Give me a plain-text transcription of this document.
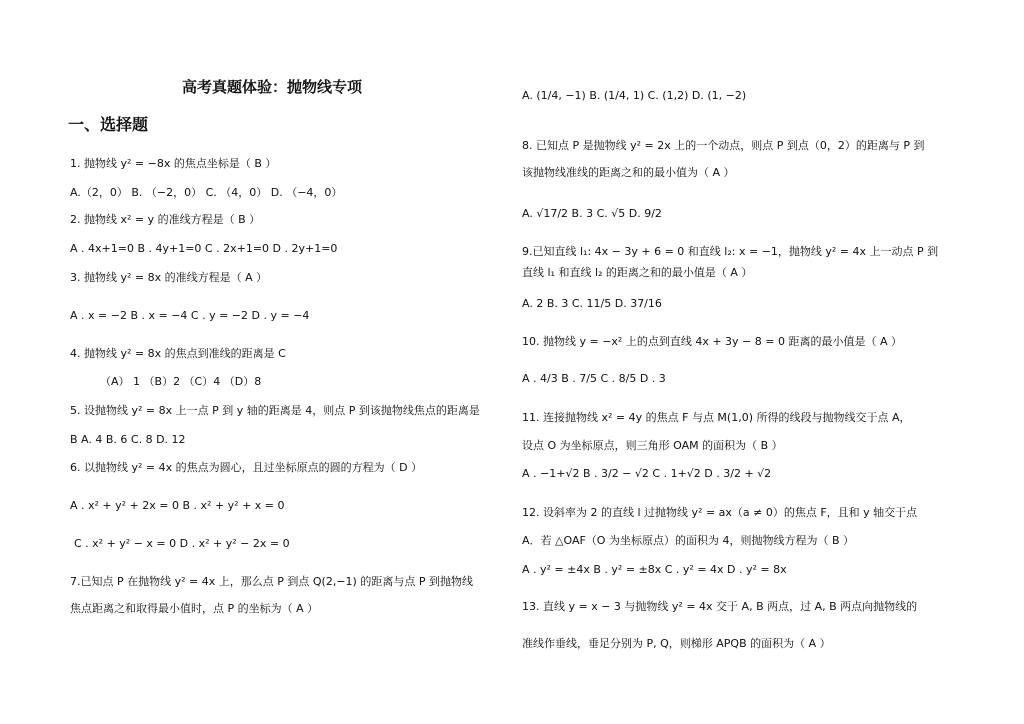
高考真题体验：抛物线专项
一、选择题
1. 抛物线 y² = −8x 的焦点坐标是（ B ）
A.（2，0） B. （−2，0） C. （4，0） D. （−4，0）
2. 抛物线 x² = y 的准线方程是（ B ）
A . 4x+1=0 B . 4y+1=0 C . 2x+1=0 D . 2y+1=0
3. 抛物线 y² = 8x 的准线方程是（ A ）
A . x = −2 B . x = −4 C . y = −2 D . y = −4
4. 抛物线 y² = 8x 的焦点到准线的距离是 C
（A） 1 （B）2 （C）4 （D）8
5. 设抛物线 y² = 8x 上一点 P 到 y 轴的距离是 4，则点 P 到该抛物线焦点的距离是
B A. 4 B. 6 C. 8 D. 12
6. 以抛物线 y² = 4x 的焦点为圆心，且过坐标原点的圆的方程为（ D ）
A . x² + y² + 2x = 0 B . x² + y² + x = 0
C . x² + y² − x = 0 D . x² + y² − 2x = 0
7.已知点 P 在抛物线 y² = 4x 上，那么点 P 到点 Q(2,−1) 的距离与点 P 到抛物线
焦点距离之和取得最小值时，点 P 的坐标为（ A ）
A. (1/4, −1) B. (1/4, 1) C. (1,2) D. (1, −2)
8. 已知点 P 是抛物线 y² = 2x 上的一个动点，则点 P 到点（0，2）的距离与 P 到
该抛物线准线的距离之和的最小值为（ A ）
A. √17/2 B. 3 C. √5 D. 9/2
9.已知直线 l₁: 4x − 3y + 6 = 0 和直线 l₂: x = −1，抛物线 y² = 4x 上一动点 P 到
直线 l₁ 和直线 l₂ 的距离之和的最小值是（ A ）
A. 2 B. 3 C. 11/5 D. 37/16
10. 抛物线 y = −x² 上的点到直线 4x + 3y − 8 = 0 距离的最小值是（ A ）
A . 4/3 B . 7/5 C . 8/5 D . 3
11. 连接抛物线 x² = 4y 的焦点 F 与点 M(1,0) 所得的线段与抛物线交于点 A，
设点 O 为坐标原点，则三角形 OAM 的面积为（ B ）
A . −1+√2 B . 3/2 − √2 C . 1+√2 D . 3/2 + √2
12. 设斜率为 2 的直线 l 过抛物线 y² = ax（a ≠ 0）的焦点 F，且和 y 轴交于点
A．若 △OAF（O 为坐标原点）的面积为 4，则抛物线方程为（ B ）
A . y² = ±4x B . y² = ±8x C . y² = 4x D . y² = 8x
13. 直线 y = x − 3 与抛物线 y² = 4x 交于 A, B 两点，过 A, B 两点向抛物线的
准线作垂线，垂足分别为 P, Q，则梯形 APQB 的面积为（ A ）
